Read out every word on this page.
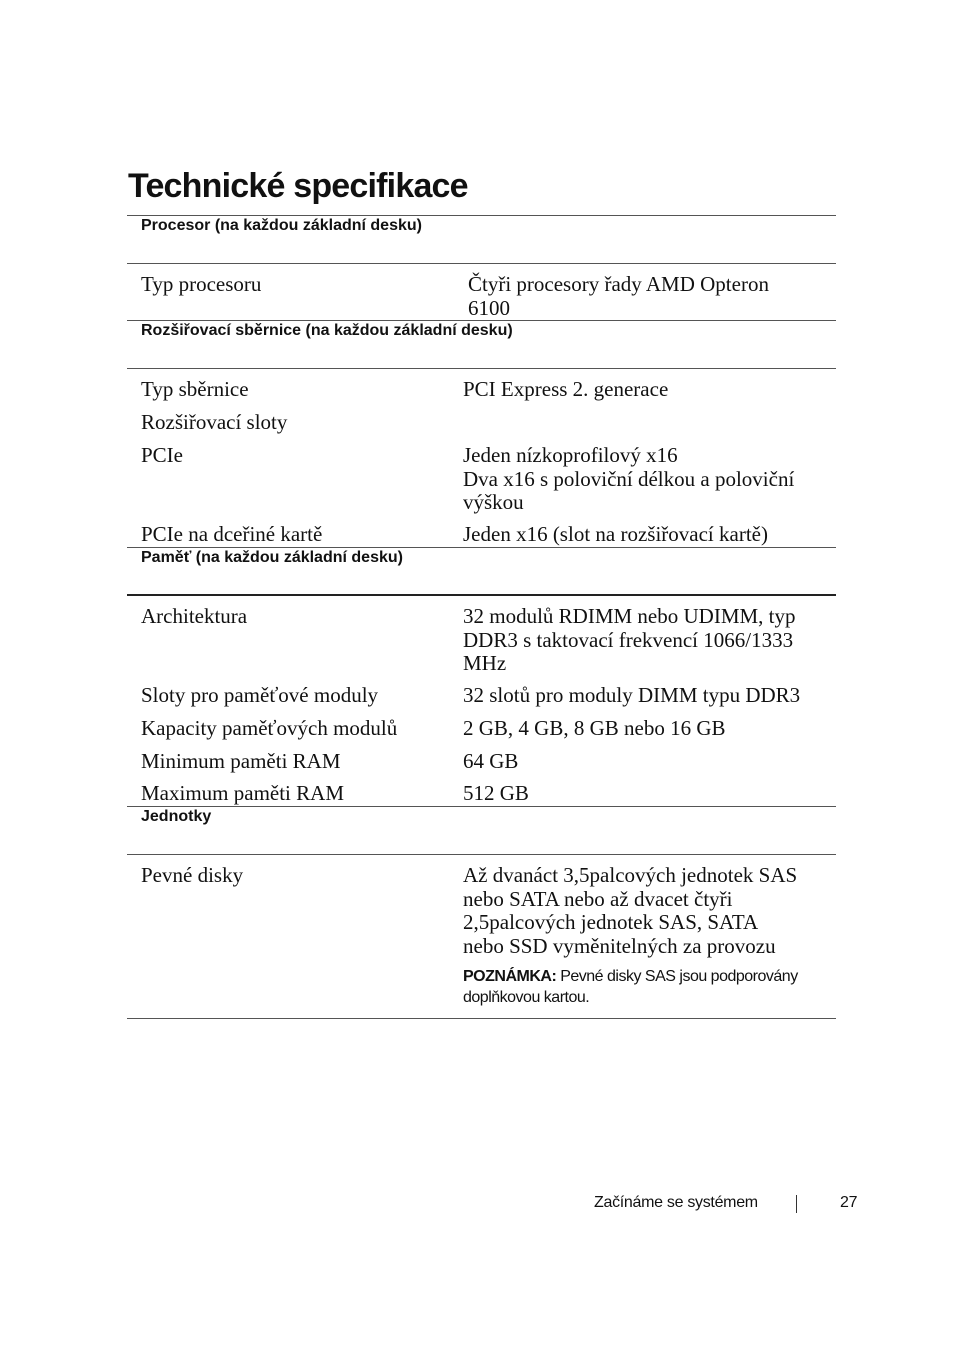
Technické specifikace
Procesor (na každou základní desku)
Typ procesoru	Čtyři procesory řady AMD Opteron
6100
Rozšiřovací sběrnice (na každou základní desku)
Typ sběrnice	PCI Express 2. generace
Rozšiřovací sloty
PCIe	Jeden nízkoprofilový x16
Dva x16 s poloviční délkou a poloviční
výškou
PCIe na dceřiné kartě	Jeden x16 (slot na rozšiřovací kartě)
Paměť (na každou základní desku)
Architektura	32 modulů RDIMM nebo UDIMM, typ
DDR3 s taktovací frekvencí 1066/1333
MHz
Sloty pro paměťové moduly	32 slotů pro moduly DIMM typu DDR3
Kapacity paměťových modulů	2 GB, 4 GB, 8 GB nebo 16 GB
Minimum paměti RAM	64 GB
Maximum paměti RAM	512 GB
Jednotky
Pevné disky	Až dvanáct 3,5palcových jednotek SAS
nebo SATA nebo až dvacet čtyři
2,5palcových jednotek SAS, SATA
nebo SSD vyměnitelných za provozu
POZNÁMKA: Pevné disky SAS jsou podporovány
doplňkovou kartou.
Začínáme se systémem	27
